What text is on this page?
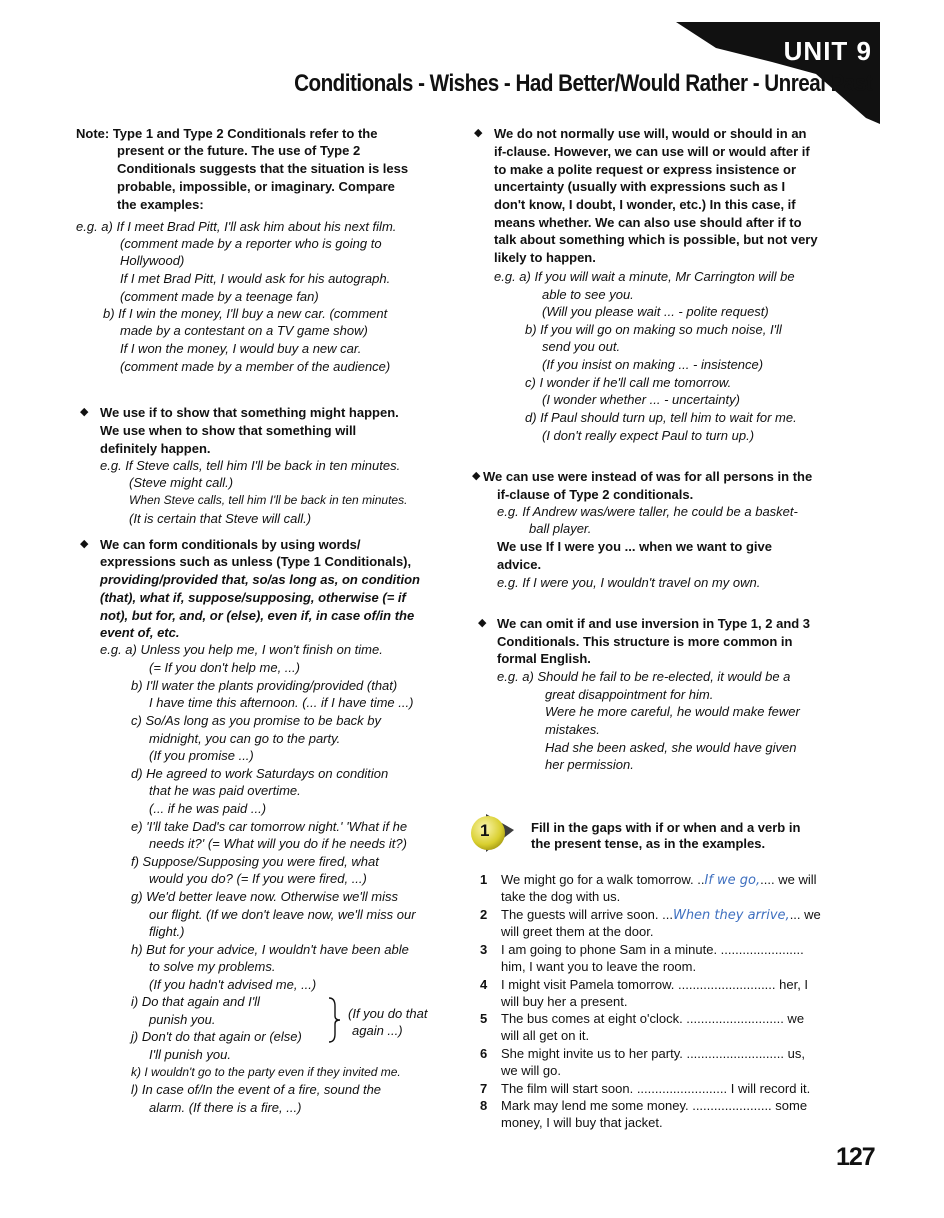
UNIT 9
Conditionals - Wishes - Had Better/Would Rather - Unreal Past
Note: Type 1 and Type 2 Conditionals refer to the
present or the future. The use of Type 2
Conditionals suggests that the situation is less
probable, impossible, or imaginary. Compare
the examples:
e.g. a) If I meet Brad Pitt, I'll ask him about his next film.
(comment made by a reporter who is going to
Hollywood)
If I met Brad Pitt, I would ask for his autograph.
(comment made by a teenage fan)
b) If I win the money, I'll buy a new car. (comment
made by a contestant on a TV game show)
If I won the money, I would buy a new car.
(comment made by a member of the audience)
◆ We use if to show that something might happen.
We use when to show that something will
definitely happen.
e.g. If Steve calls, tell him I'll be back in ten minutes.
(Steve might call.)
When Steve calls, tell him I'll be back in ten minutes.
(It is certain that Steve will call.)
◆ We can form conditionals by using words/
expressions such as unless (Type 1 Conditionals),
providing/provided that, so/as long as, on condition
(that), what if, suppose/supposing, otherwise (= if
not), but for, and, or (else), even if, in case of/in the
event of, etc.
e.g. a) Unless you help me, I won't finish on time.
(= If you don't help me, ...)
b) I'll water the plants providing/provided (that)
I have time this afternoon. (... if I have time ...)
c) So/As long as you promise to be back by
midnight, you can go to the party.
(If you promise ...)
d) He agreed to work Saturdays on condition
that he was paid overtime.
(... if he was paid ...)
e) 'I'll take Dad's car tomorrow night.' 'What if he
needs it?' (= What will you do if he needs it?)
f) Suppose/Supposing you were fired, what
would you do? (= If you were fired, ...)
g) We'd better leave now. Otherwise we'll miss
our flight. (If we don't leave now, we'll miss our
flight.)
h) But for your advice, I wouldn't have been able
to solve my problems.
(If you hadn't advised me, ...)
i) Do that again and I'll
punish you.	(If you do that
again ...)
j) Don't do that again or (else)
I'll punish you.
k) I wouldn't go to the party even if they invited me.
l) In case of/In the event of a fire, sound the
alarm. (If there is a fire, ...)
◆ We do not normally use will, would or should in an
if-clause. However, we can use will or would after if
to make a polite request or express insistence or
uncertainty (usually with expressions such as I
don't know, I doubt, I wonder, etc.) In this case, if
means whether. We can also use should after if to
talk about something which is possible, but not very
likely to happen.
e.g. a) If you will wait a minute, Mr Carrington will be
able to see you.
(Will you please wait ... - polite request)
b) If you will go on making so much noise, I'll
send you out.
(If you insist on making ... - insistence)
c) I wonder if he'll call me tomorrow.
(I wonder whether ... - uncertainty)
d) If Paul should turn up, tell him to wait for me.
(I don't really expect Paul to turn up.)
◆ We can use were instead of was for all persons in the
if-clause of Type 2 conditionals.
e.g. If Andrew was/were taller, he could be a basket-
ball player.
We use If I were you ... when we want to give
advice.
e.g. If I were you, I wouldn't travel on my own.
◆ We can omit if and use inversion in Type 1, 2 and 3
Conditionals. This structure is more common in
formal English.
e.g. a) Should he fail to be re-elected, it would be a
great disappointment for him.
Were he more careful, he would make fewer
mistakes.
Had she been asked, she would have given
her permission.
1	Fill in the gaps with if or when and a verb in
the present tense, as in the examples.
1 We might go for a walk tomorrow. ..If we go,.... we will
take the dog with us.
2 The guests will arrive soon. ...When they arrive,... we
will greet them at the door.
3 I am going to phone Sam in a minute. .......................
him, I want you to leave the room.
4 I might visit Pamela tomorrow. ........................... her, I
will buy her a present.
5 The bus comes at eight o'clock. ........................... we
will all get on it.
6 She might invite us to her party. ........................... us,
we will go.
7 The film will start soon. ......................... I will record it.
8 Mark may lend me some money. ...................... some
money, I will buy that jacket.
127
